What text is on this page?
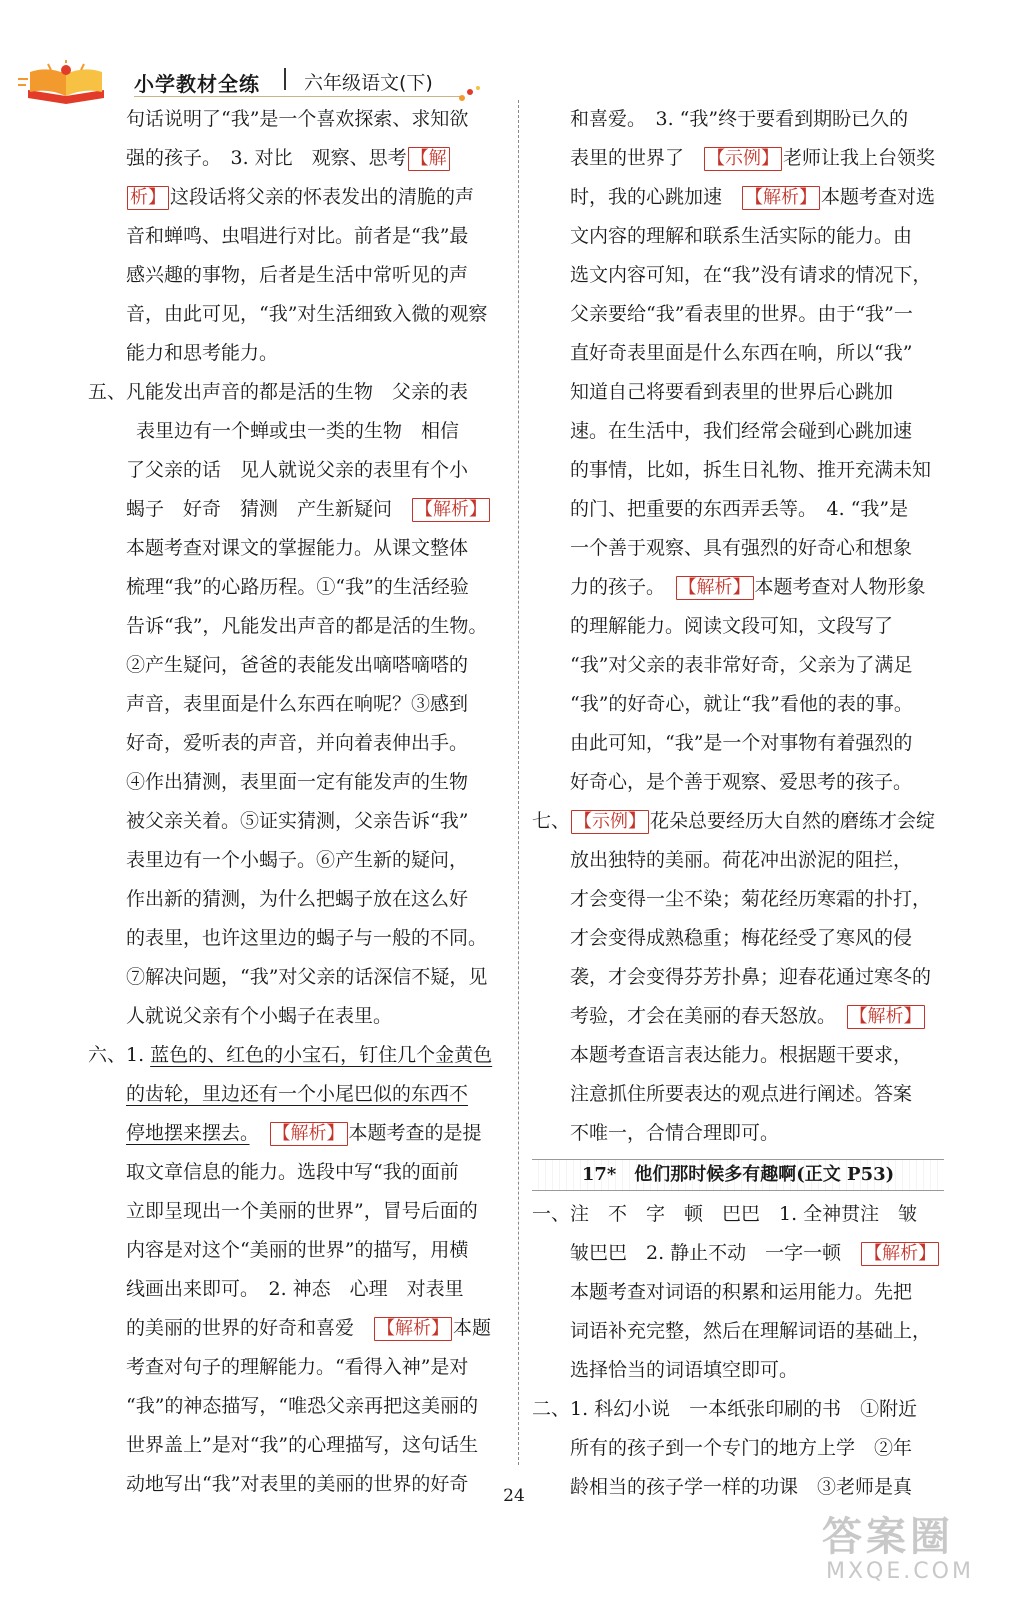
小学教材全练 六年级语文(下)
句话说明了“我”是一个喜欢探索、求知欲
强的孩子。　3. 对比　观察、思考 【解
析】 这段话将父亲的怀表发出的清脆的声
音和蝉鸣、虫唱进行对比。前者是“我”最
感兴趣的事物，后者是生活中常听见的声
音，由此可见，“我”对生活细致入微的观察
能力和思考能力。
五、凡能发出声音的都是活的生物　父亲的表
表里边有一个蝉或虫一类的生物　相信
了父亲的话　见人就说父亲的表里有个小
蝎子　好奇　猜测　产生新疑问　 【解析】
本题考查对课文的掌握能力。从课文整体
梳理“我”的心路历程。①“我”的生活经验
告诉“我”，凡能发出声音的都是活的生物。
②产生疑问，爸爸的表能发出嘀嗒嘀嗒的
声音，表里面是什么东西在响呢？③感到
好奇，爱听表的声音，并向着表伸出手。
④作出猜测，表里面一定有能发声的生物
被父亲关着。⑤证实猜测，父亲告诉“我”
表里边有一个小蝎子。⑥产生新的疑问，
作出新的猜测，为什么把蝎子放在这么好
的表里，也许这里边的蝎子与一般的不同。
⑦解决问题，“我”对父亲的话深信不疑，见
人就说父亲有个小蝎子在表里。
六、1. 蓝色的、红色的小宝石，钉住几个金黄色
的齿轮，里边还有一个小尾巴似的东西不
停地摆来摆去。　 【解析】 本题考查的是提
取文章信息的能力。选段中写“我的面前
立即呈现出一个美丽的世界”，冒号后面的
内容是对这个“美丽的世界”的描写，用横
线画出来即可。　2. 神态　心理　对表里
的美丽的世界的好奇和喜爱　 【解析】 本题
考查对句子的理解能力。“看得入神”是对
“我”的神态描写，“唯恐父亲再把这美丽的
世界盖上”是对“我”的心理描写，这句话生
动地写出“我”对表里的美丽的世界的好奇
和喜爱。　3. “我”终于要看到期盼已久的
表里的世界了　 【示例】 老师让我上台领奖
时，我的心跳加速　 【解析】 本题考查对选
文内容的理解和联系生活实际的能力。由
选文内容可知，在“我”没有请求的情况下，
父亲要给“我”看表里的世界。由于“我”一
直好奇表里面是什么东西在响，所以“我”
知道自己将要看到表里的世界后心跳加
速。在生活中，我们经常会碰到心跳加速
的事情，比如，拆生日礼物、推开充满未知
的门、把重要的东西弄丢等。　4. “我”是
一个善于观察、具有强烈的好奇心和想象
力的孩子。　 【解析】 本题考查对人物形象
的理解能力。阅读文段可知，文段写了
“我”对父亲的表非常好奇，父亲为了满足
“我”的好奇心，就让“我”看他的表的事。
由此可知，“我”是一个对事物有着强烈的
好奇心，是个善于观察、爱思考的孩子。
七、 【示例】 花朵总要经历大自然的磨练才会绽
放出独特的美丽。荷花冲出淤泥的阻拦，
才会变得一尘不染；菊花经历寒霜的扑打，
才会变得成熟稳重；梅花经受了寒风的侵
袭，才会变得芬芳扑鼻；迎春花通过寒冬的
考验，才会在美丽的春天怒放。　 【解析】
本题考查语言表达能力。根据题干要求，
注意抓住所要表达的观点进行阐述。答案
不唯一，合情合理即可。
17*　他们那时候多有趣啊(正文 P53)
一、注　不　字　顿　巴巴　1. 全神贯注　皱
皱巴巴　2. 静止不动　一字一顿　 【解析】
本题考查对词语的积累和运用能力。先把
词语补充完整，然后在理解词语的基础上，
选择恰当的词语填空即可。
二、1. 科幻小说　一本纸张印刷的书　①附近
所有的孩子到一个专门的地方上学　②年
龄相当的孩子学一样的功课　③老师是真
24
答案圈
MXQE.COM
